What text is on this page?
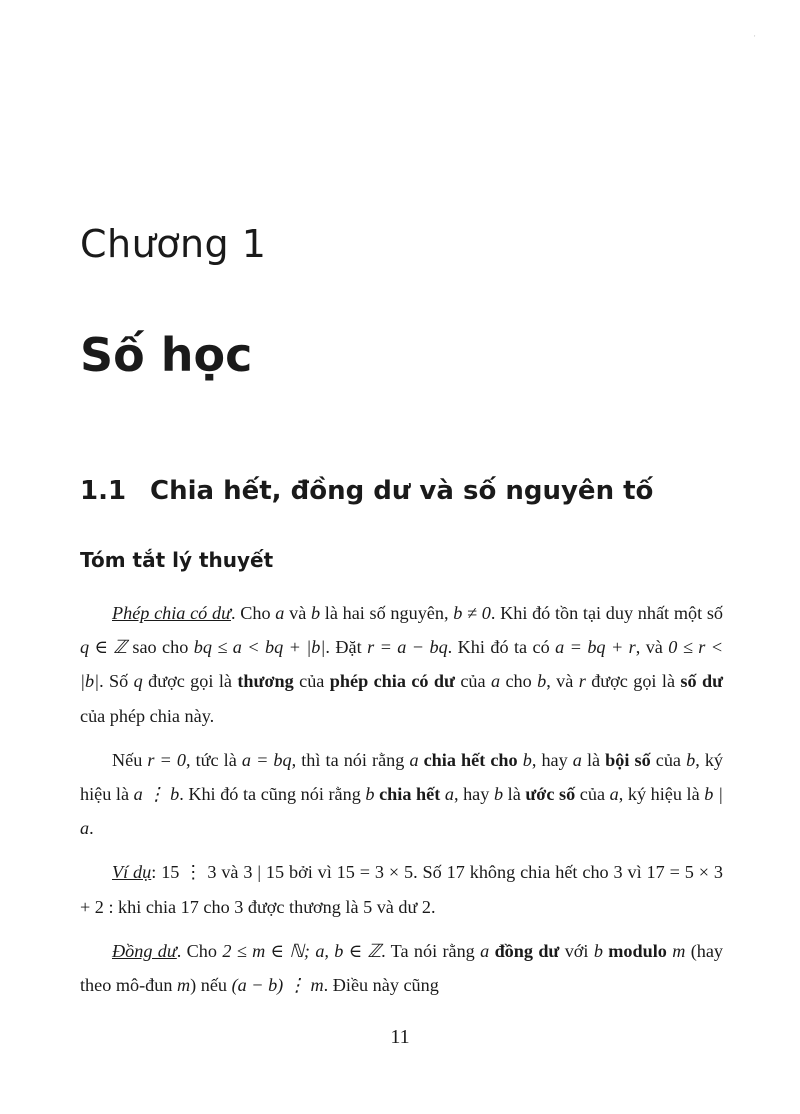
·
Chương 1
Số học
1.1 Chia hết, đồng dư và số nguyên tố
Tóm tắt lý thuyết

Phép chia có dư. Cho a và b là hai số nguyên, b ≠ 0. Khi đó tồn tại duy nhất một số q ∈ ℤ sao cho bq ≤ a < bq + |b|. Đặt r = a − bq. Khi đó ta có a = bq + r, và 0 ≤ r < |b|. Số q được gọi là thương của phép chia có dư của a cho b, và r được gọi là số dư của phép chia này.

Nếu r = 0, tức là a = bq, thì ta nói rằng a chia hết cho b, hay a là bội số của b, ký hiệu là a ⋮ b. Khi đó ta cũng nói rằng b chia hết a, hay b là ước số của a, ký hiệu là b | a.

Ví dụ: 15 ⋮ 3 và 3 | 15 bởi vì 15 = 3 × 5. Số 17 không chia hết cho 3 vì 17 = 5 × 3 + 2 : khi chia 17 cho 3 được thương là 5 và dư 2.

Đồng dư. Cho 2 ≤ m ∈ ℕ; a, b ∈ ℤ. Ta nói rằng a đồng dư với b modulo m (hay theo mô-đun m) nếu (a − b) ⋮ m. Điều này cũng

11
